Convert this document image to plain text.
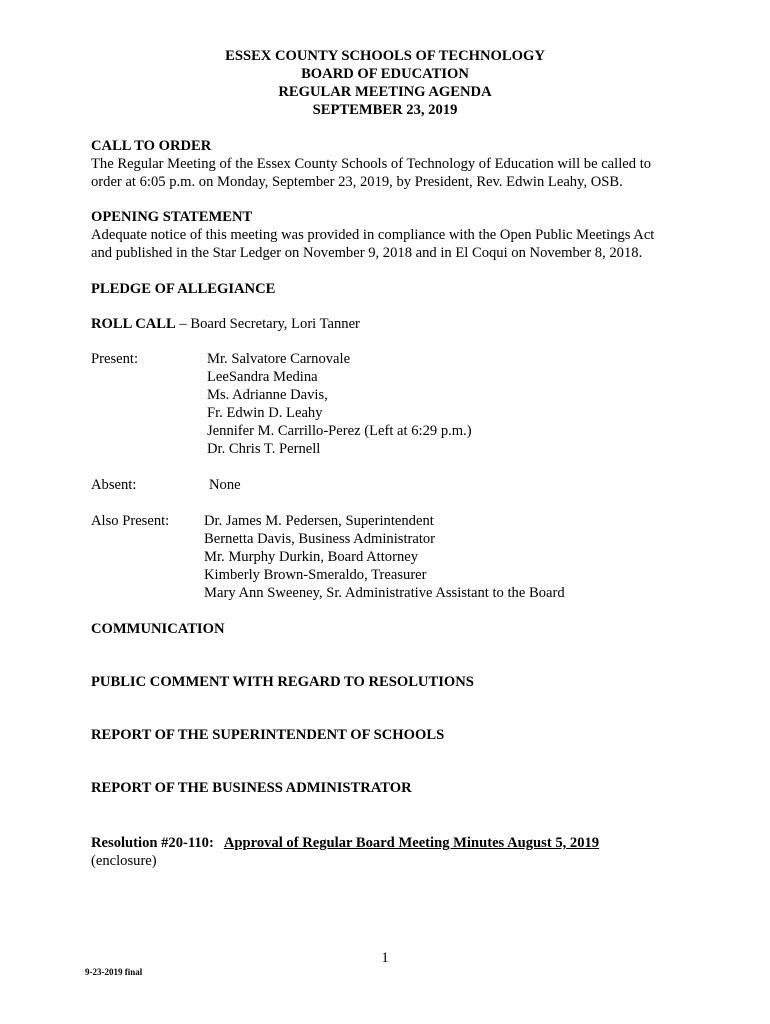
ESSEX COUNTY SCHOOLS OF TECHNOLOGY
BOARD OF EDUCATION
REGULAR MEETING AGENDA
SEPTEMBER 23, 2019
CALL TO ORDER
The Regular Meeting of the Essex County Schools of Technology of Education will be called to
order at 6:05 p.m. on Monday, September 23, 2019, by President, Rev. Edwin Leahy, OSB.
OPENING STATEMENT
Adequate notice of this meeting was provided in compliance with the Open Public Meetings Act
and published in the Star Ledger on November 9, 2018 and in El Coqui on November 8, 2018.
PLEDGE OF ALLEGIANCE
ROLL CALL – Board Secretary, Lori Tanner
Present:	Mr. Salvatore Carnovale
LeeSandra Medina
Ms. Adrianne Davis,
Fr. Edwin D. Leahy
Jennifer M. Carrillo-Perez (Left at 6:29 p.m.)
Dr. Chris T. Pernell
Absent:	None
Also Present: Dr. James M. Pedersen, Superintendent
Bernetta Davis, Business Administrator
Mr. Murphy Durkin, Board Attorney
Kimberly Brown-Smeraldo, Treasurer
Mary Ann Sweeney, Sr. Administrative Assistant to the Board
COMMUNICATION
PUBLIC COMMENT WITH REGARD TO RESOLUTIONS
REPORT OF THE SUPERINTENDENT OF SCHOOLS
REPORT OF THE BUSINESS ADMINISTRATOR
Resolution #20-110: Approval of Regular Board Meeting Minutes August 5, 2019
(enclosure)
1
9-23-2019 final
